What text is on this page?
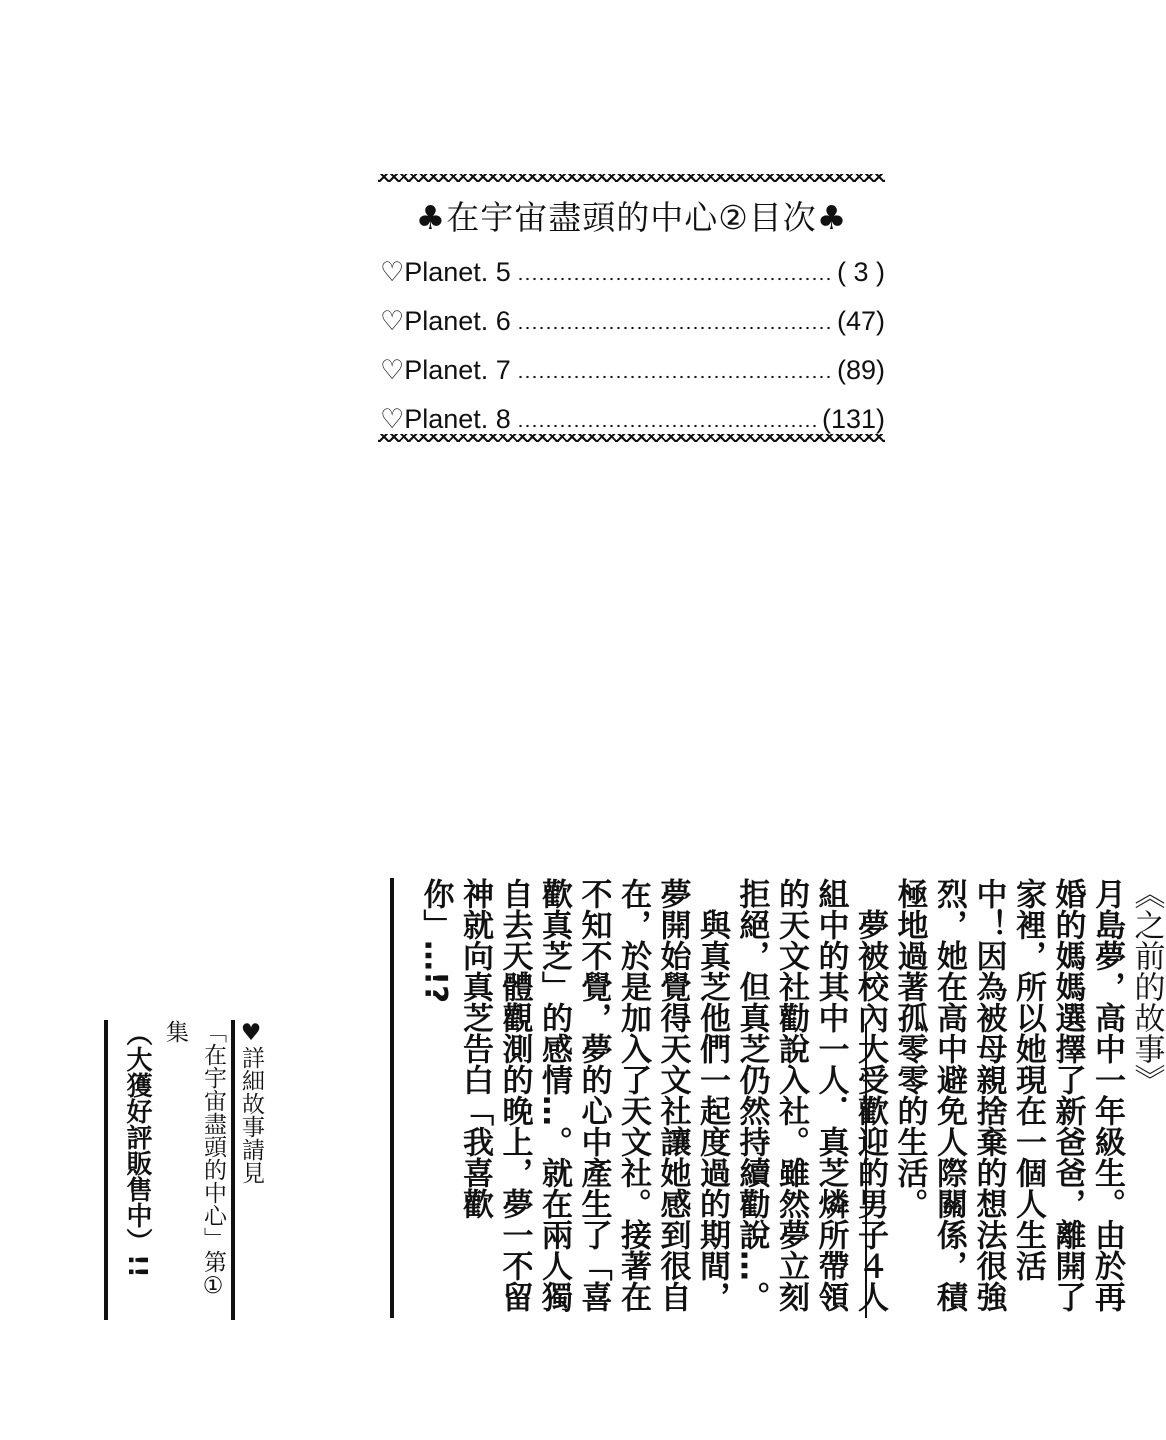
♣在宇宙盡頭的中心②目次♣
♡Planet. 5	( 3 )
♡Planet. 6	(47)
♡Planet. 7	(89)
♡Planet. 8	(131)
《之前的故事》

月島夢，高中一年級生。由於再婚的媽媽選擇了新爸爸，離開了家裡，所以她現在一個人生活中！因為被母親捨棄的想法很強烈，她在高中避免人際關係，積極地過著孤零零的生活。

夢被校內大受歡迎的男子４人組中的其中一人．真芝燐所帶領的天文社勸說入社。雖然夢立刻拒絕，但真芝仍然持續勸說…。

與真芝他們一起度過的期間，夢開始覺得天文社讓她感到很自在，於是加入了天文社。接著在不知不覺，夢的心中產生了「喜歡真芝」的感情…。就在兩人獨自去天體觀測的晚上，夢一不留神就向真芝告白「我喜歡你」…!?

♥詳細故事請見
「在宇宙盡頭的中心」第①集
（大獲好評販售中）!!
